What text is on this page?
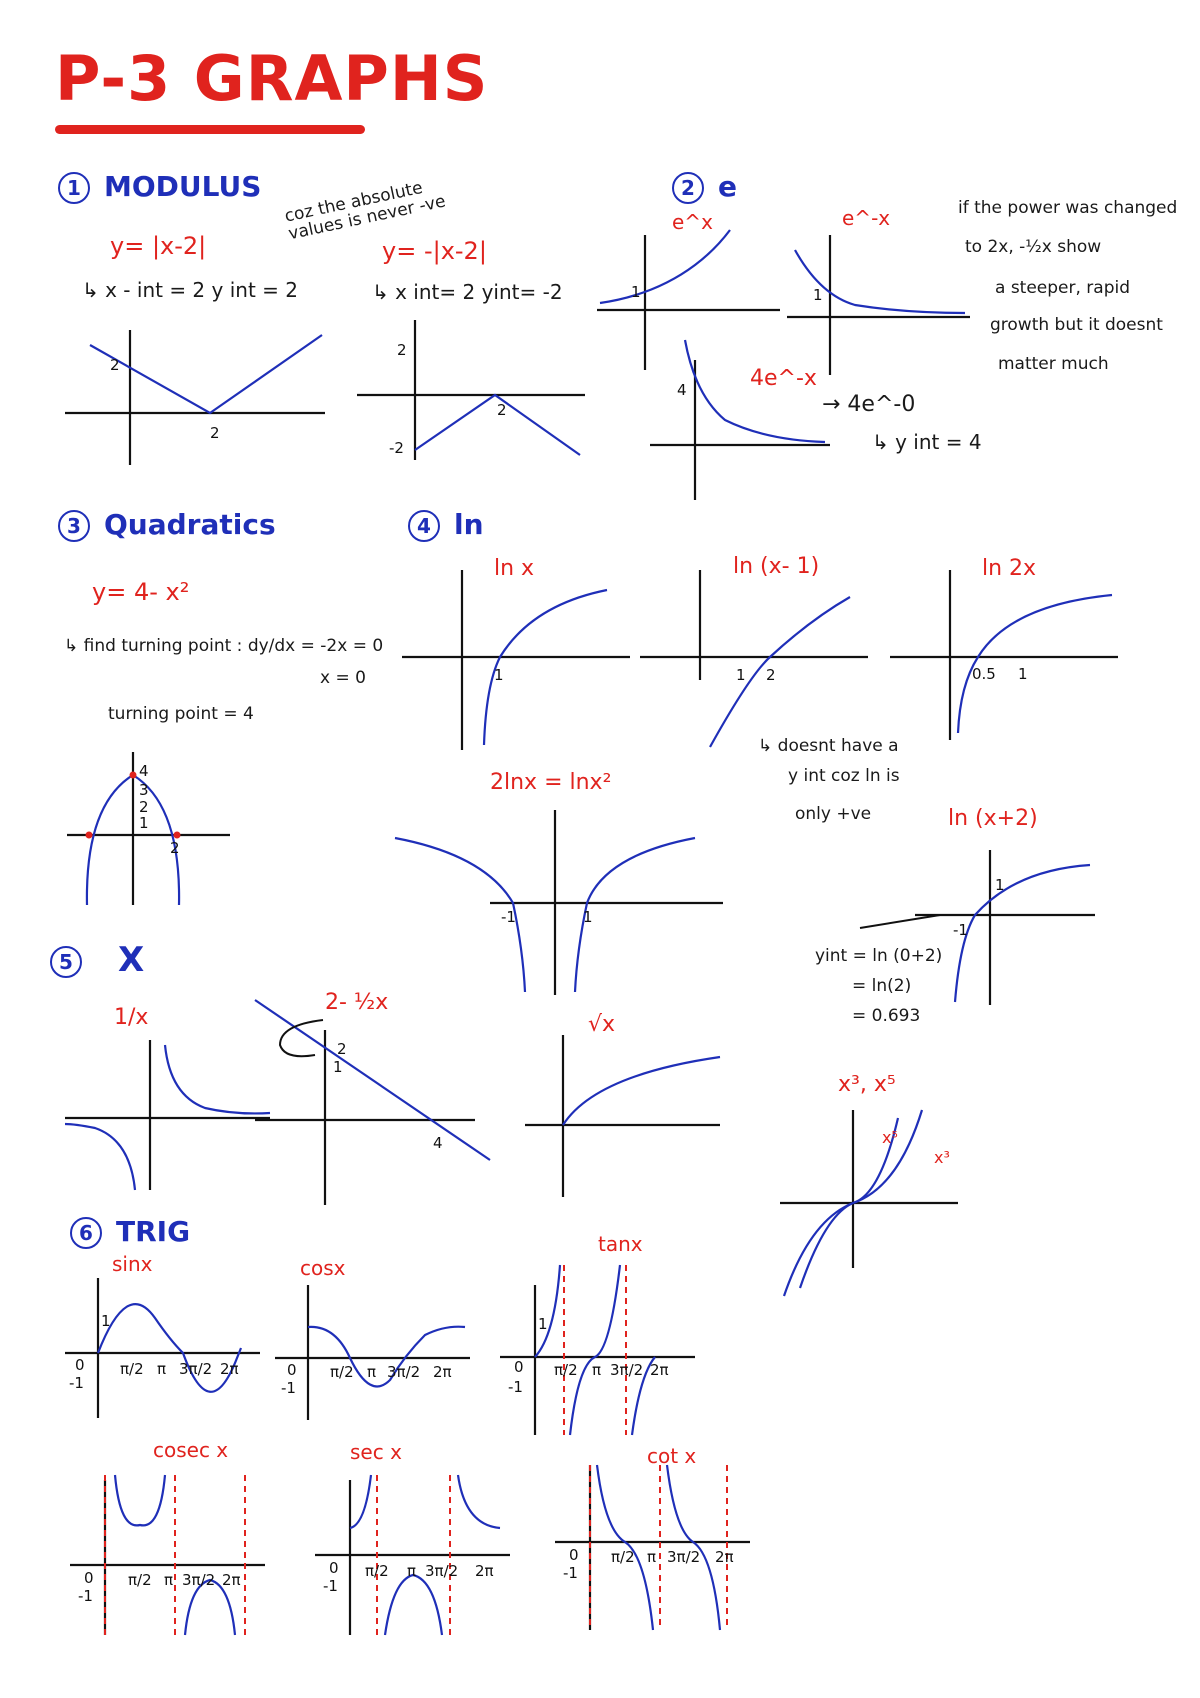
P-3 GRAPHS
1 MODULUS
y= |x-2|
↳ x - int = 2 y int = 2
y= -|x-2|
↳ x int= 2 yint= -2
coz the absolute values is never -ve
2
2
2
-2
2
2 e
e^x	e^-x
1	1
4	4e^-x
→ 4e^-0
↳ y int = 4
if the power was changed
to 2x, -½x show
a steeper, rapid
growth but it doesnt
matter much
3 Quadratics
y= 4- x²
↳ find turning point : dy/dx = -2x = 0
x = 0
turning point = 4
4
3
2
1
2
4 ln
ln x	ln (x- 1)	ln 2x
1	1 2	0.5 1
↳ doesnt have a
y int coz ln is
only +ve
2lnx = lnx²
-1	1
ln (x+2)
-1
1
yint = ln (0+2)
= ln(2)
= 0.693
5 X
1/x
2- ½x
1
2
4
√x
x³, x⁵
x⁵
x³
6 TRIG
sinx	cosx
tanx
0
-1
1
π/2 π 3π/2 2π	0
-1
π/2 π 3π/2 2π	0
-1
1
π/2 π 3π/2 2π
cosec x	sec x	cot x
0
-1
π/2 π 3π/2 2π
0
-1
π/2 π 3π/2 2π
0
-1
π/2 π 3π/2 2π
